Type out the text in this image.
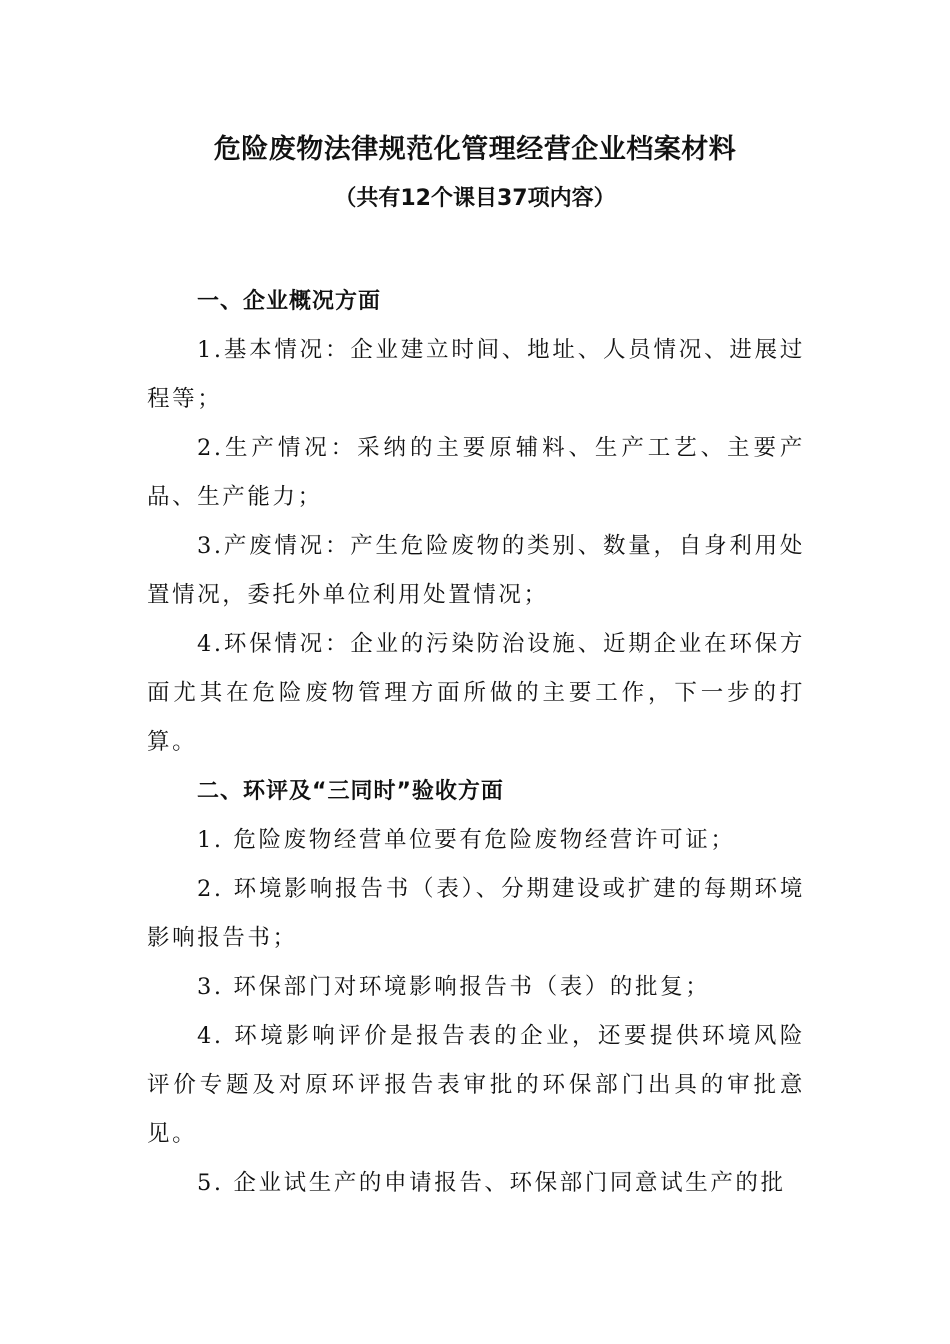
危险废物法律规范化管理经营企业档案材料
（共有12个课目37项内容）

一、企业概况方面

1.基本情况：企业建立时间、地址、人员情况、进展过程等；

2.生产情况：采纳的主要原辅料、生产工艺、主要产品、生产能力；

3.产废情况：产生危险废物的类别、数量，自身利用处置情况，委托外单位利用处置情况；

4.环保情况：企业的污染防治设施、近期企业在环保方面尤其在危险废物管理方面所做的主要工作，下一步的打算。

二、环评及“三同时”验收方面

1. 危险废物经营单位要有危险废物经营许可证；

2. 环境影响报告书（表）、分期建设或扩建的每期环境影响报告书；

3. 环保部门对环境影响报告书（表）的批复；

4. 环境影响评价是报告表的企业，还要提供环境风险评价专题及对原环评报告表审批的环保部门出具的审批意见。

5. 企业试生产的申请报告、环保部门同意试生产的批
